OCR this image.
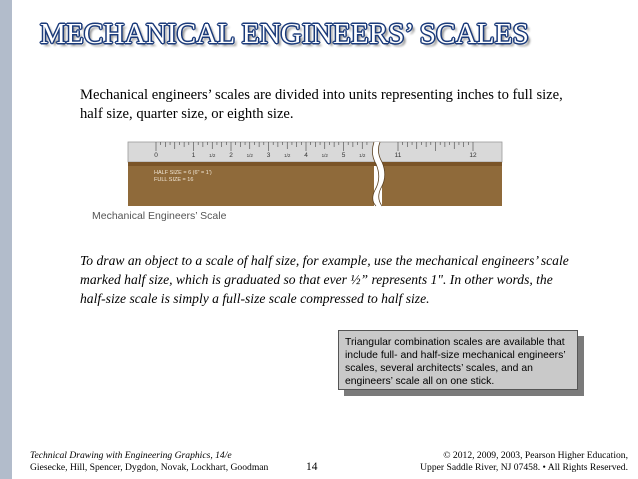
MECHANICAL ENGINEERS’ SCALES
Mechanical engineers’ scales are divided into units representing inches to full size, half size, quarter size, or eighth size.
0	1	2	3	4	5
1/2	1/2	1/2	1/2	1/2	11	12
HALF SIZE = 6 (6" = 1')
FULL SIZE = 16
Mechanical Engineers’ Scale
To draw an object to a scale of half size, for example, use the mechanical engineers’ scale marked half size, which is graduated so that ever ½” represents 1". In other words, the half-size scale is simply a full-size scale compressed to half size.
Triangular combination scales are available that include full- and half-size mechanical engineers’ scales, several architects’ scales, and an engineers’ scale all on one stick.
Technical Drawing with Engineering Graphics, 14/e
Giesecke, Hill, Spencer, Dygdon, Novak, Lockhart, Goodman	14
© 2012, 2009, 2003, Pearson Higher Education,
Upper Saddle River, NJ 07458. • All Rights Reserved.
